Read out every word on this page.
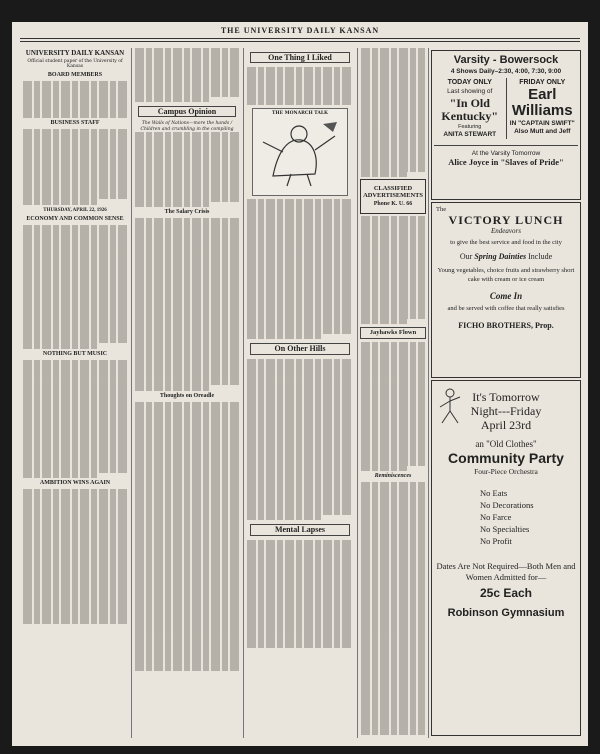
THE UNIVERSITY DAILY KANSAN
UNIVERSITY DAILY KANSAN
Official student paper of the University of Kansas
BOARD MEMBERS
BUSINESS STAFF
THURSDAY, APRIL 22, 1926
ECONOMY AND COMMON SENSE
NOTHING BUT MUSIC
AMBITION WINS AGAIN
Campus Opinion
The Wails of Nations—more the hands / Children and crumbling in the compiling
The Salary Crisis
Thoughts on Oreadle
One Thing I Liked
THE MONARCH TALK
On Other Hills
Mental Lapses
CLASSIFIED ADVERTISEMENTS
Phone K. U. 66
Jayhawks Flown
Reminiscences
Varsity - Bowersock
4 Shows Daily–2:30, 4:00, 7:30, 9:00
TODAY ONLY
Last showing of
"In Old Kentucky"
Featuring
ANITA STEWART
FRIDAY ONLY
Earl Williams
IN "CAPTAIN SWIFT"
Also Mutt and Jeff
At the Varsity Tomorrow
Alice Joyce in "Slaves of Pride"
The
VICTORY LUNCH
Endeavors
to give the best service and food in the city
Our Spring Dainties Include
Young vegetables, choice fruits and strawberry short cake with cream or ice cream
Come In
and be served with coffee that really satisfies
FICHO BROTHERS, Prop.
It's Tomorrow
Night---Friday
April 23rd
an "Old Clothes"
Community Party
Four-Piece Orchestra
No Eats
No Decorations
No Farce
No Specialties
No Profit
Dates Are Not Required—Both Men and Women Admitted for—
25c Each
Robinson Gymnasium
